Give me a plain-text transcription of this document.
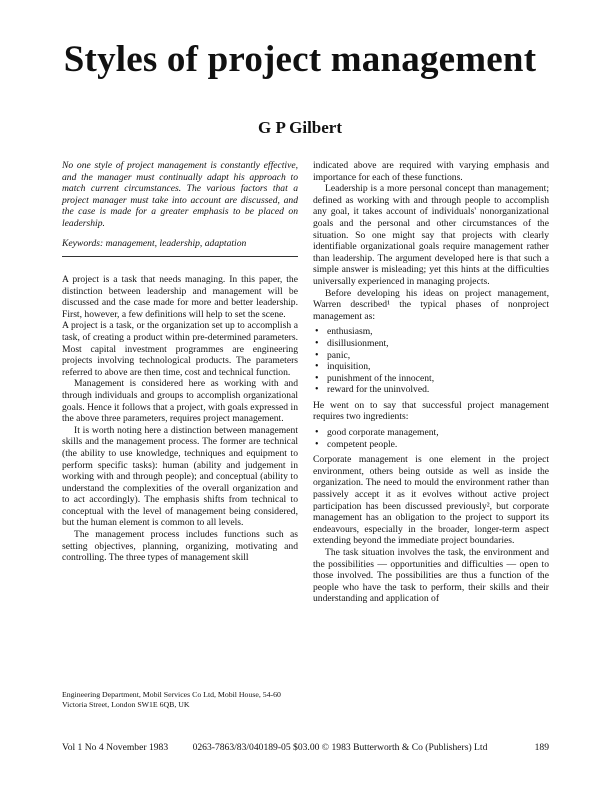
Styles of project management
G P Gilbert
No one style of project management is constantly effective, and the manager must continually adapt his approach to match current circumstances. The various factors that a project manager must take into account are discussed, and the case is made for a greater emphasis to be placed on leadership.
Keywords: management, leadership, adaptation

A project is a task that needs managing. In this paper, the distinction between leadership and management will be discussed and the case made for more and better leadership. First, however, a few definitions will help to set the scene.

A project is a task, or the organization set up to accomplish a task, of creating a product within pre-determined parameters. Most capital investment programmes are engineering projects involving technological products. The parameters referred to above are then time, cost and technical function.

Management is considered here as working with and through individuals and groups to accomplish organizational goals. Hence it follows that a project, with goals expressed in the above three parameters, requires project management.

It is worth noting here a distinction between management skills and the management process. The former are technical (the ability to use knowledge, techniques and equipment to perform specific tasks): human (ability and judgement in working with and through people); and conceptual (ability to understand the complexities of the overall organization and to act accordingly). The emphasis shifts from technical to conceptual with the level of management being considered, but the human element is common to all levels.

The management process includes functions such as setting objectives, planning, organizing, motivating and controlling. The three types of management skill

Engineering Department, Mobil Services Co Ltd, Mobil House, 54-60 Victoria Street, London SW1E 6QB, UK

indicated above are required with varying emphasis and importance for each of these functions.

Leadership is a more personal concept than management; defined as working with and through people to accomplish any goal, it takes account of individuals' nonorganizational goals and the personal and other circumstances of the situation. So one might say that projects with clearly identifiable organizational goals require management rather than leadership. The argument developed here is that such a simple answer is misleading; yet this hints at the difficulties universally experienced in managing projects.

Before developing his ideas on project management, Warren described¹ the typical phases of nonproject management as:

• enthusiasm,
• disillusionment,
• panic,
• inquisition,
• punishment of the innocent,
• reward for the uninvolved.

He went on to say that successful project management requires two ingredients:

• good corporate management,
• competent people.

Corporate management is one element in the project environment, others being outside as well as inside the organization. The need to mould the environment rather than passively accept it as it evolves without active project participation has been discussed previously², but corporate management has an obligation to the project to support its endeavours, especially in the broader, longer-term aspect extending beyond the immediate project boundaries.

The task situation involves the task, the environment and the possibilities — opportunities and difficulties — open to those involved. The possibilities are thus a function of the people who have the task to perform, their skills and their understanding and application of

Vol 1 No 4 November 1983	0263-7863/83/040189-05 $03.00 © 1983 Butterworth & Co (Publishers) Ltd	189
